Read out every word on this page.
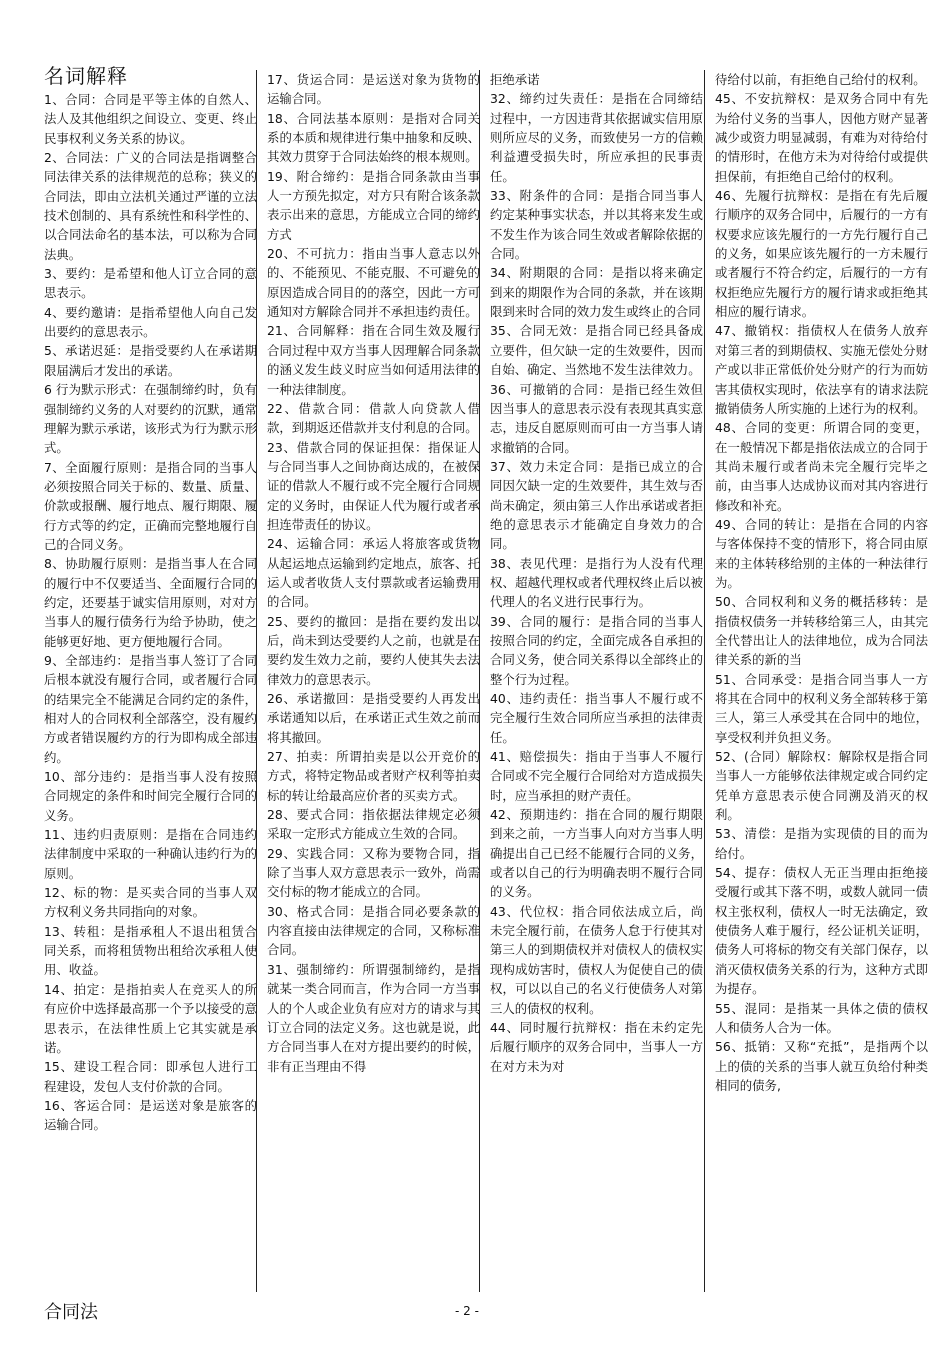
名词解释

1、合同：合同是平等主体的自然人、法人及其他组织之间设立、变更、终止民事权利义务关系的协议。

2、合同法：广义的合同法是指调整合同法律关系的法律规范的总称；狭义的合同法，即由立法机关通过严谨的立法技术创制的、具有系统性和科学性的、以合同法命名的基本法，可以称为合同法典。

3、要约：是希望和他人订立合同的意思表示。

4、要约邀请：是指希望他人向自己发出要约的意思表示。

5、承诺迟延：是指受要约人在承诺期限届满后才发出的承诺。

6 行为默示形式：在强制缔约时，负有强制缔约义务的人对要约的沉默，通常理解为默示承诺，该形式为行为默示形式。

7、全面履行原则：是指合同的当事人必须按照合同关于标的、数量、质量、价款或报酬、履行地点、履行期限、履行方式等的约定，正确而完整地履行自己的合同义务。

8、协助履行原则：是指当事人在合同的履行中不仅要适当、全面履行合同的约定，还要基于诚实信用原则，对对方当事人的履行债务行为给予协助，使之能够更好地、更方便地履行合同。

9、全部违约：是指当事人签订了合同后根本就没有履行合同，或者履行合同的结果完全不能满足合同约定的条件，相对人的合同权利全部落空，没有履约方或者错误履约方的行为即构成全部违约。

10、部分违约：是指当事人没有按照合同规定的条件和时间完全履行合同的义务。

11、违约归责原则：是指在合同违约法律制度中采取的一种确认违约行为的原则。

12、标的物：是买卖合同的当事人双方权利义务共同指向的对象。

13、转租：是指承租人不退出租赁合同关系，而将租赁物出租给次承租人使用、收益。

14、拍定：是指拍卖人在竞买人的所有应价中选择最高那一个予以接受的意思表示，在法律性质上它其实就是承诺。

15、建设工程合同：即承包人进行工程建设，发包人支付价款的合同。

16、客运合同：是运送对象是旅客的运输合同。

17、货运合同：是运送对象为货物的运输合同。

18、合同法基本原则：是指对合同关系的本质和规律进行集中抽象和反映、其效力贯穿于合同法始终的根本规则。

19、附合缔约：是指合同条款由当事人一方预先拟定，对方只有附合该条款表示出来的意思，方能成立合同的缔约方式

20、不可抗力：指由当事人意志以外的、不能预见、不能克服、不可避免的原因造成合同目的的落空，因此一方可通知对方解除合同并不承担违约责任。

21、合同解释：指在合同生效及履行合同过程中双方当事人因理解合同条款的涵义发生歧义时应当如何适用法律的一种法律制度。

22、借款合同：借款人向贷款人借款，到期返还借款并支付利息的合同。

23、借款合同的保证担保：指保证人与合同当事人之间协商达成的，在被保证的借款人不履行或不完全履行合同规定的义务时，由保证人代为履行或者承担连带责任的协议。

24、运输合同：承运人将旅客或货物从起运地点运输到约定地点，旅客、托运人或者收货人支付票款或者运输费用的合同。

25、要约的撤回：是指在要约发出以后，尚未到达受要约人之前，也就是在要约发生效力之前，要约人使其失去法律效力的意思表示。

26、承诺撤回：是指受要约人再发出承诺通知以后，在承诺正式生效之前而将其撤回。

27、拍卖：所谓拍卖是以公开竞价的方式，将特定物品或者财产权利等拍卖标的转让给最高应价者的买卖方式。

28、要式合同：指依据法律规定必须采取一定形式方能成立生效的合同。

29、实践合同：又称为要物合同，指除了当事人双方意思表示一致外，尚需交付标的物才能成立的合同。

30、格式合同：是指合同必要条款的内容直接由法律规定的合同，又称标准合同。

31、强制缔约：所谓强制缔约，是指就某一类合同而言，作为合同一方当事人的个人或企业负有应对方的请求与其订立合同的法定义务。这也就是说，此方合同当事人在对方提出要约的时候，非有正当理由不得

拒绝承诺

32、缔约过失责任：是指在合同缔结过程中，一方因违背其依据诚实信用原则所应尽的义务，而致使另一方的信赖利益遭受损失时，所应承担的民事责任。

33、附条件的合同：是指合同当事人约定某种事实状态，并以其将来发生或不发生作为该合同生效或者解除依据的合同。

34、附期限的合同：是指以将来确定到来的期限作为合同的条款，并在该期限到来时合同的效力发生或终止的合同

35、合同无效：是指合同已经具备成立要件，但欠缺一定的生效要件，因而自始、确定、当然地不发生法律效力。

36、可撤销的合同：是指已经生效但因当事人的意思表示没有表现其真实意志，违反自愿原则而可由一方当事人请求撤销的合同。

37、效力未定合同：是指已成立的合同因欠缺一定的生效要件，其生效与否尚未确定，须由第三人作出承诺或者拒绝的意思表示才能确定自身效力的合同。

38、表见代理：是指行为人没有代理权、超越代理权或者代理权终止后以被代理人的名义进行民事行为。

39、合同的履行：是指合同的当事人按照合同的约定，全面完成各自承担的合同义务，使合同关系得以全部终止的整个行为过程。

40、违约责任：指当事人不履行或不完全履行生效合同所应当承担的法律责任。

41、赔偿损失：指由于当事人不履行合同或不完全履行合同给对方造成损失时，应当承担的财产责任。

42、预期违约：指在合同的履行期限到来之前，一方当事人向对方当事人明确提出自己已经不能履行合同的义务，或者以自己的行为明确表明不履行合同的义务。

43、代位权：指合同依法成立后，尚未完全履行前，在债务人怠于行使其对第三人的到期债权并对债权人的债权实现构成妨害时，债权人为促使自己的债权，可以以自己的名义行使债务人对第三人的债权的权利。

44、同时履行抗辩权：指在未约定先后履行顺序的双务合同中，当事人一方在对方未为对

待给付以前，有拒绝自己给付的权利。

45、不安抗辩权：是双务合同中有先为给付义务的当事人，因他方财产显著减少或资力明显减弱，有难为对待给付的情形时，在他方未为对待给付或提供担保前，有拒绝自己给付的权利。

46、先履行抗辩权：是指在有先后履行顺序的双务合同中，后履行的一方有权要求应该先履行的一方先行履行自己的义务，如果应该先履行的一方未履行或者履行不符合约定，后履行的一方有权拒绝应先履行方的履行请求或拒绝其相应的履行请求。

47、撤销权：指债权人在债务人放弃对第三者的到期债权、实施无偿处分财产或以非正常低价处分财产的行为而妨害其债权实现时，依法享有的请求法院撤销债务人所实施的上述行为的权利。

48、合同的变更：所谓合同的变更，在一般情况下都是指依法成立的合同于其尚未履行或者尚未完全履行完毕之前，由当事人达成协议而对其内容进行修改和补充。

49、合同的转让：是指在合同的内容与客体保持不变的情形下，将合同由原来的主体转移给别的主体的一种法律行为。

50、合同权利和义务的概括移转：是指债权债务一并转移给第三人，由其完全代替出让人的法律地位，成为合同法律关系的新的当

51、合同承受：是指合同当事人一方将其在合同中的权利义务全部转移于第三人，第三人承受其在合同中的地位，享受权利并负担义务。

52、(合同）解除权：解除权是指合同当事人一方能够依法律规定或合同约定凭单方意思表示使合同溯及消灭的权利。

53、清偿：是指为实现债的目的而为给付。

54、提存：债权人无正当理由拒绝接受履行或其下落不明，或数人就同一债权主张权利，债权人一时无法确定，致使债务人难于履行，经公证机关证明，债务人可将标的物交有关部门保存，以消灭债权债务关系的行为，这种方式即为提存。

55、混同：是指某一具体之债的债权人和债务人合为一体。

56、抵销：又称“充抵”，是指两个以上的债的关系的当事人就互负给付种类相同的债务,

合同法	- 2 -
